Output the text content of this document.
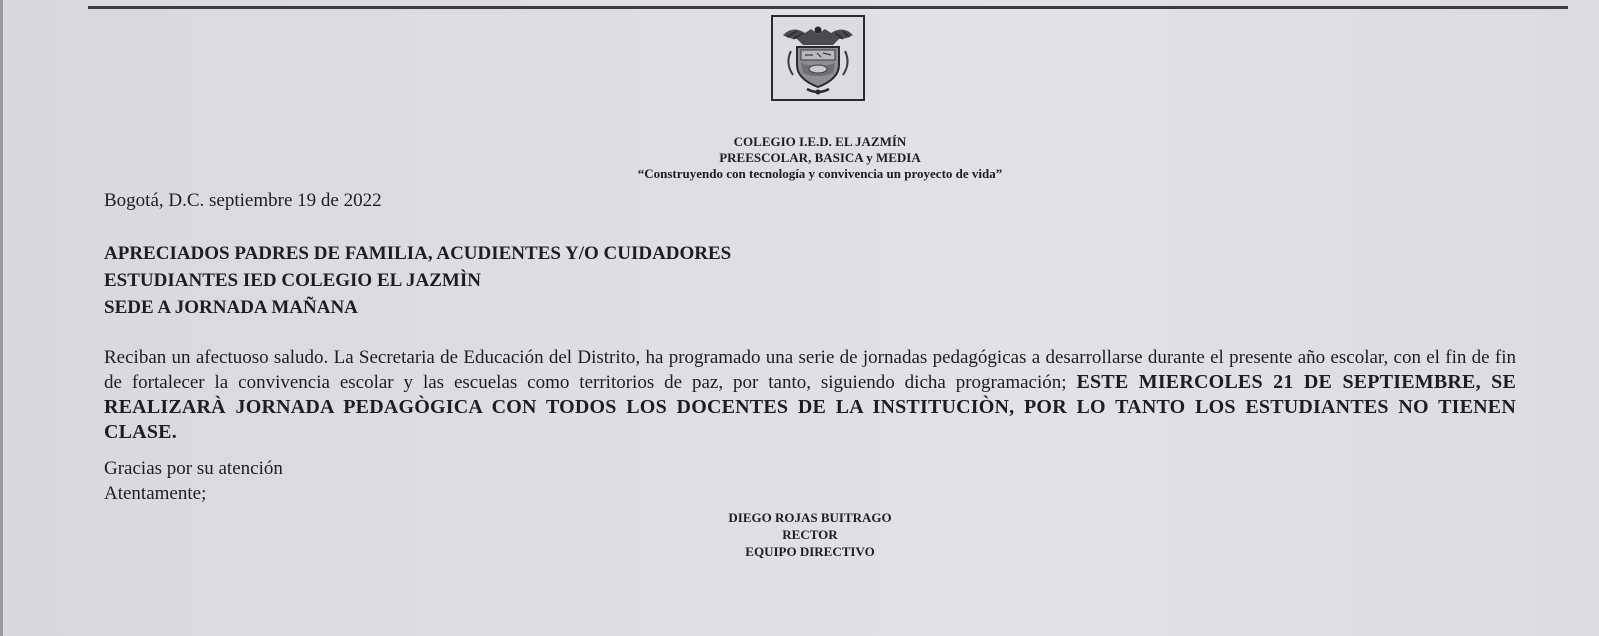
COLEGIO I.E.D. EL JAZMÍN
PREESCOLAR, BASICA y MEDIA
“Construyendo con tecnología y convivencia un proyecto de vida”
Bogotá, D.C. septiembre 19 de 2022
APRECIADOS PADRES DE FAMILIA, ACUDIENTES Y/O CUIDADORES
ESTUDIANTES IED COLEGIO EL JAZMÌN
SEDE A JORNADA MAÑANA
Reciban un afectuoso saludo. La Secretaria de Educación del Distrito, ha programado una serie de jornadas pedagógicas a desarrollarse durante el presente año escolar, con el fin de fin de fortalecer la convivencia escolar y las escuelas como territorios de paz, por tanto, siguiendo dicha programación; ESTE MIERCOLES 21 DE SEPTIEMBRE, SE REALIZARÀ JORNADA PEDAGÒGICA CON TODOS LOS DOCENTES DE LA INSTITUCIÒN, POR LO TANTO LOS ESTUDIANTES NO TIENEN CLASE.
Gracias por su atención
Atentamente;
DIEGO ROJAS BUITRAGO
RECTOR
EQUIPO DIRECTIVO
